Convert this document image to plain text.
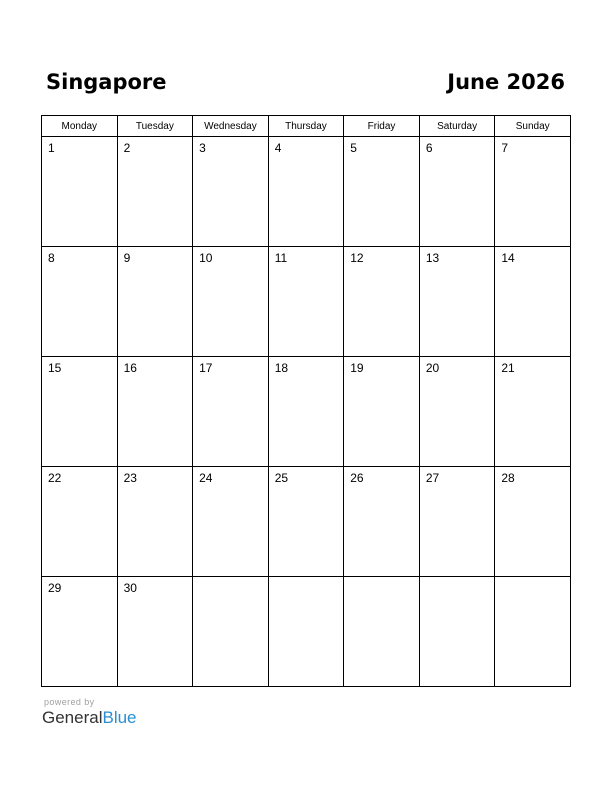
Singapore	June 2026
Monday	Tuesday	Wednesday	Thursday	Friday	Saturday	Sunday

1	2	3	4	5	6	7

8	9	10	11	12	13	14

15	16	17	18	19	20	21

22	23	24	25	26	27	28

29	30					

powered by
GeneralBlue
